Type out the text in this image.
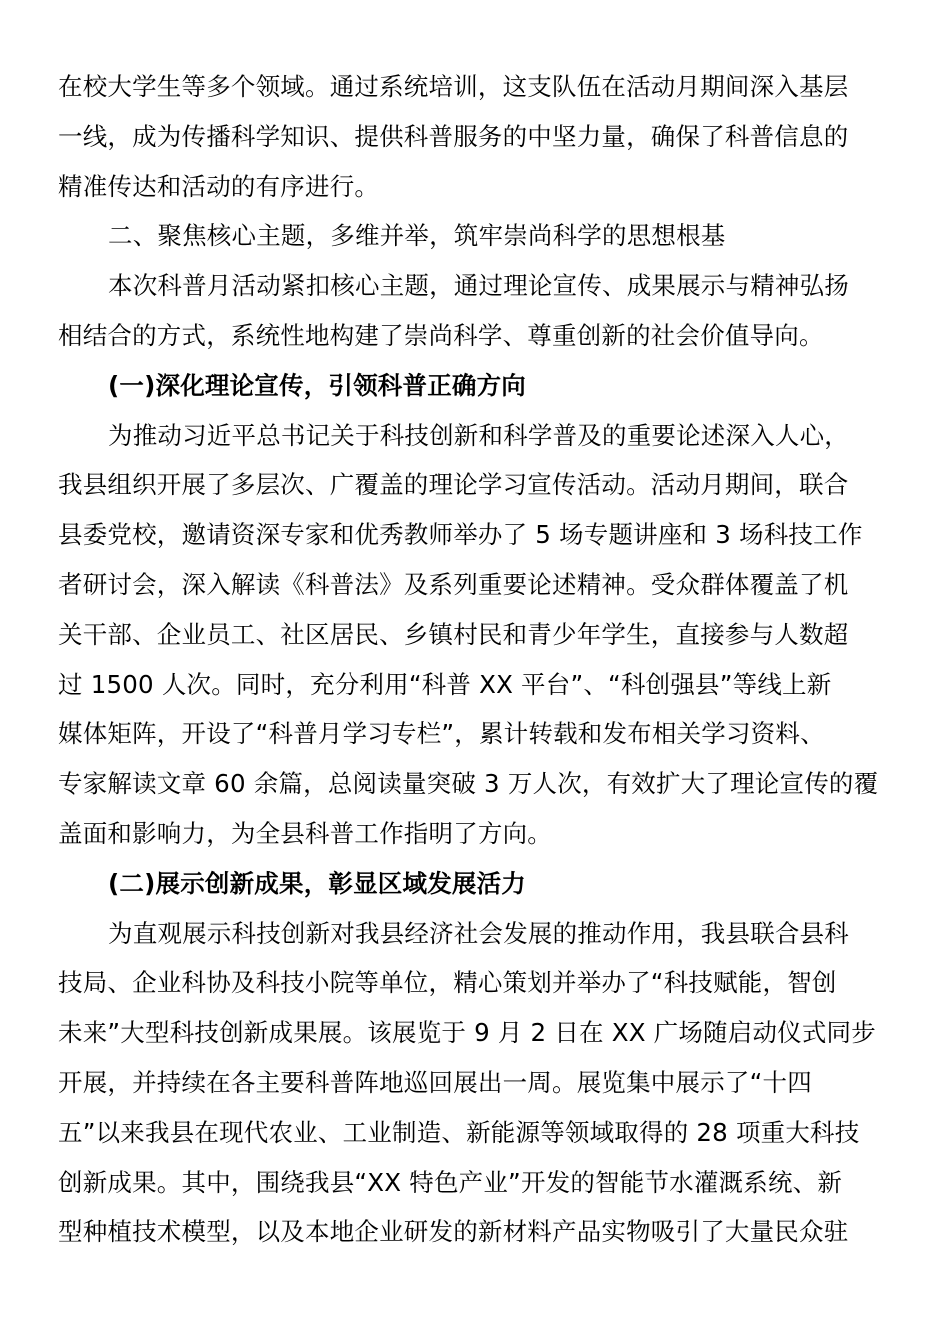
在校大学生等多个领域。通过系统培训，这支队伍在活动月期间深入基层
一线，成为传播科学知识、提供科普服务的中坚力量，确保了科普信息的
精准传达和活动的有序进行。
二、聚焦核心主题，多维并举，筑牢崇尚科学的思想根基
本次科普月活动紧扣核心主题，通过理论宣传、成果展示与精神弘扬
相结合的方式，系统性地构建了崇尚科学、尊重创新的社会价值导向。
(一)深化理论宣传，引领科普正确方向
为推动习近平总书记关于科技创新和科学普及的重要论述深入人心，
我县组织开展了多层次、广覆盖的理论学习宣传活动。活动月期间，联合
县委党校，邀请资深专家和优秀教师举办了 5 场专题讲座和 3 场科技工作
者研讨会，深入解读《科普法》及系列重要论述精神。受众群体覆盖了机
关干部、企业员工、社区居民、乡镇村民和青少年学生，直接参与人数超
过 1500 人次。同时，充分利用“科普 XX 平台”、“科创强县”等线上新
媒体矩阵，开设了“科普月学习专栏”，累计转载和发布相关学习资料、
专家解读文章 60 余篇，总阅读量突破 3 万人次，有效扩大了理论宣传的覆
盖面和影响力，为全县科普工作指明了方向。
(二)展示创新成果，彰显区域发展活力
为直观展示科技创新对我县经济社会发展的推动作用，我县联合县科
技局、企业科协及科技小院等单位，精心策划并举办了“科技赋能，智创
未来”大型科技创新成果展。该展览于 9 月 2 日在 XX 广场随启动仪式同步
开展，并持续在各主要科普阵地巡回展出一周。展览集中展示了“十四
五”以来我县在现代农业、工业制造、新能源等领域取得的 28 项重大科技
创新成果。其中，围绕我县“XX 特色产业”开发的智能节水灌溉系统、新
型种植技术模型，以及本地企业研发的新材料产品实物吸引了大量民众驻
